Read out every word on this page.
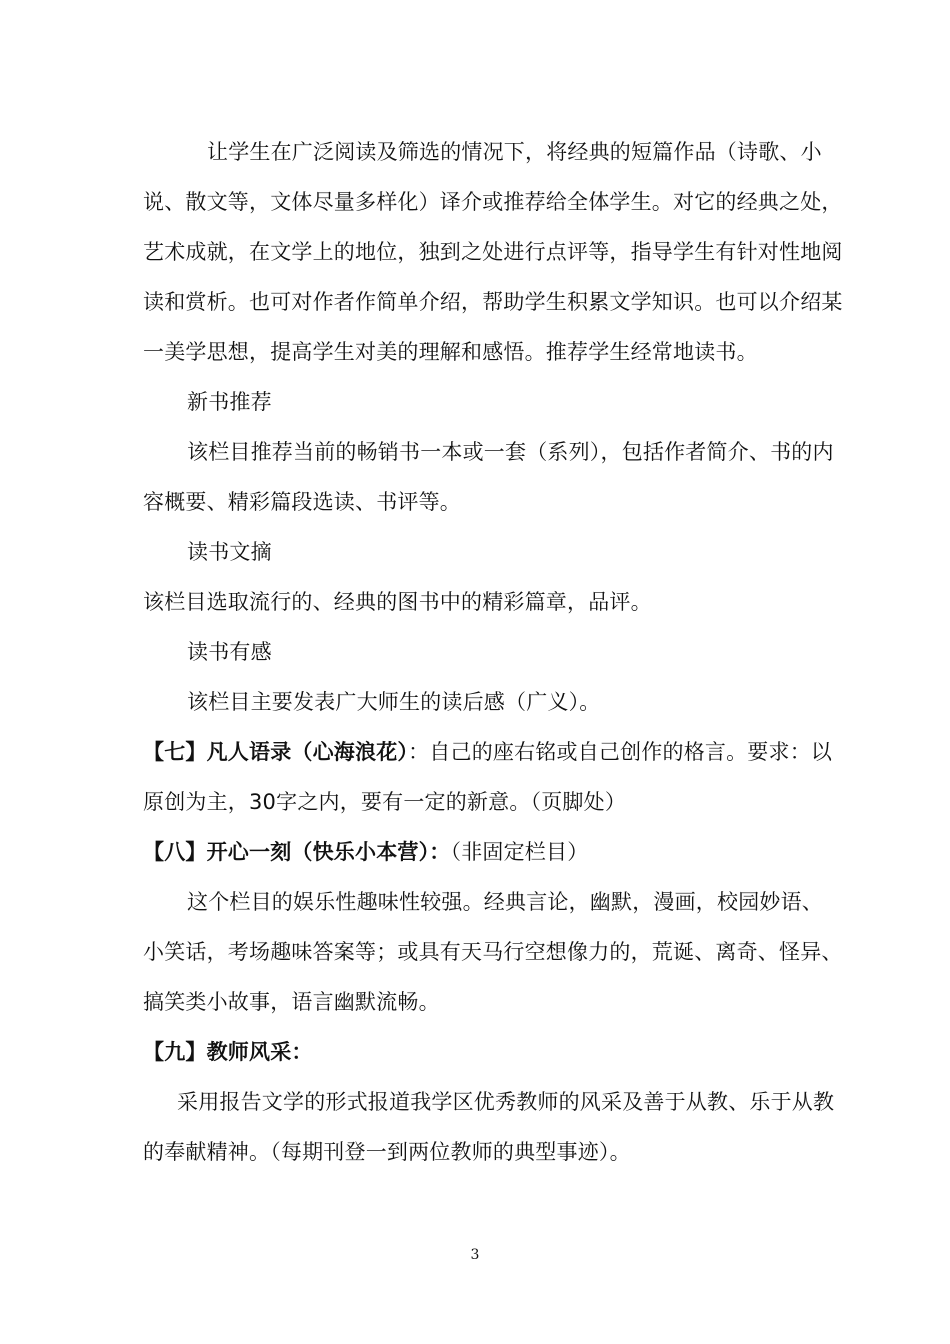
让学生在广泛阅读及筛选的情况下，将经典的短篇作品（诗歌、小说、散文等，文体尽量多样化）译介或推荐给全体学生。对它的经典之处，艺术成就，在文学上的地位，独到之处进行点评等，指导学生有针对性地阅读和赏析。也可对作者作简单介绍，帮助学生积累文学知识。也可以介绍某一美学思想，提高学生对美的理解和感悟。推荐学生经常地读书。

新书推荐

该栏目推荐当前的畅销书一本或一套（系列），包括作者简介、书的内容概要、精彩篇段选读、书评等。

读书文摘

该栏目选取流行的、经典的图书中的精彩篇章，品评。

读书有感

该栏目主要发表广大师生的读后感（广义）。

【七】凡人语录（心海浪花）：自己的座右铭或自己创作的格言。要求：以原创为主，30字之内，要有一定的新意。（页脚处）

【八】开心一刻（快乐小本营）：（非固定栏目）

这个栏目的娱乐性趣味性较强。经典言论，幽默，漫画，校园妙语、小笑话，考场趣味答案等；或具有天马行空想像力的，荒诞、离奇、怪异、搞笑类小故事，语言幽默流畅。

【九】教师风采：

采用报告文学的形式报道我学区优秀教师的风采及善于从教、乐于从教的奉献精神。（每期刊登一到两位教师的典型事迹）。

3
